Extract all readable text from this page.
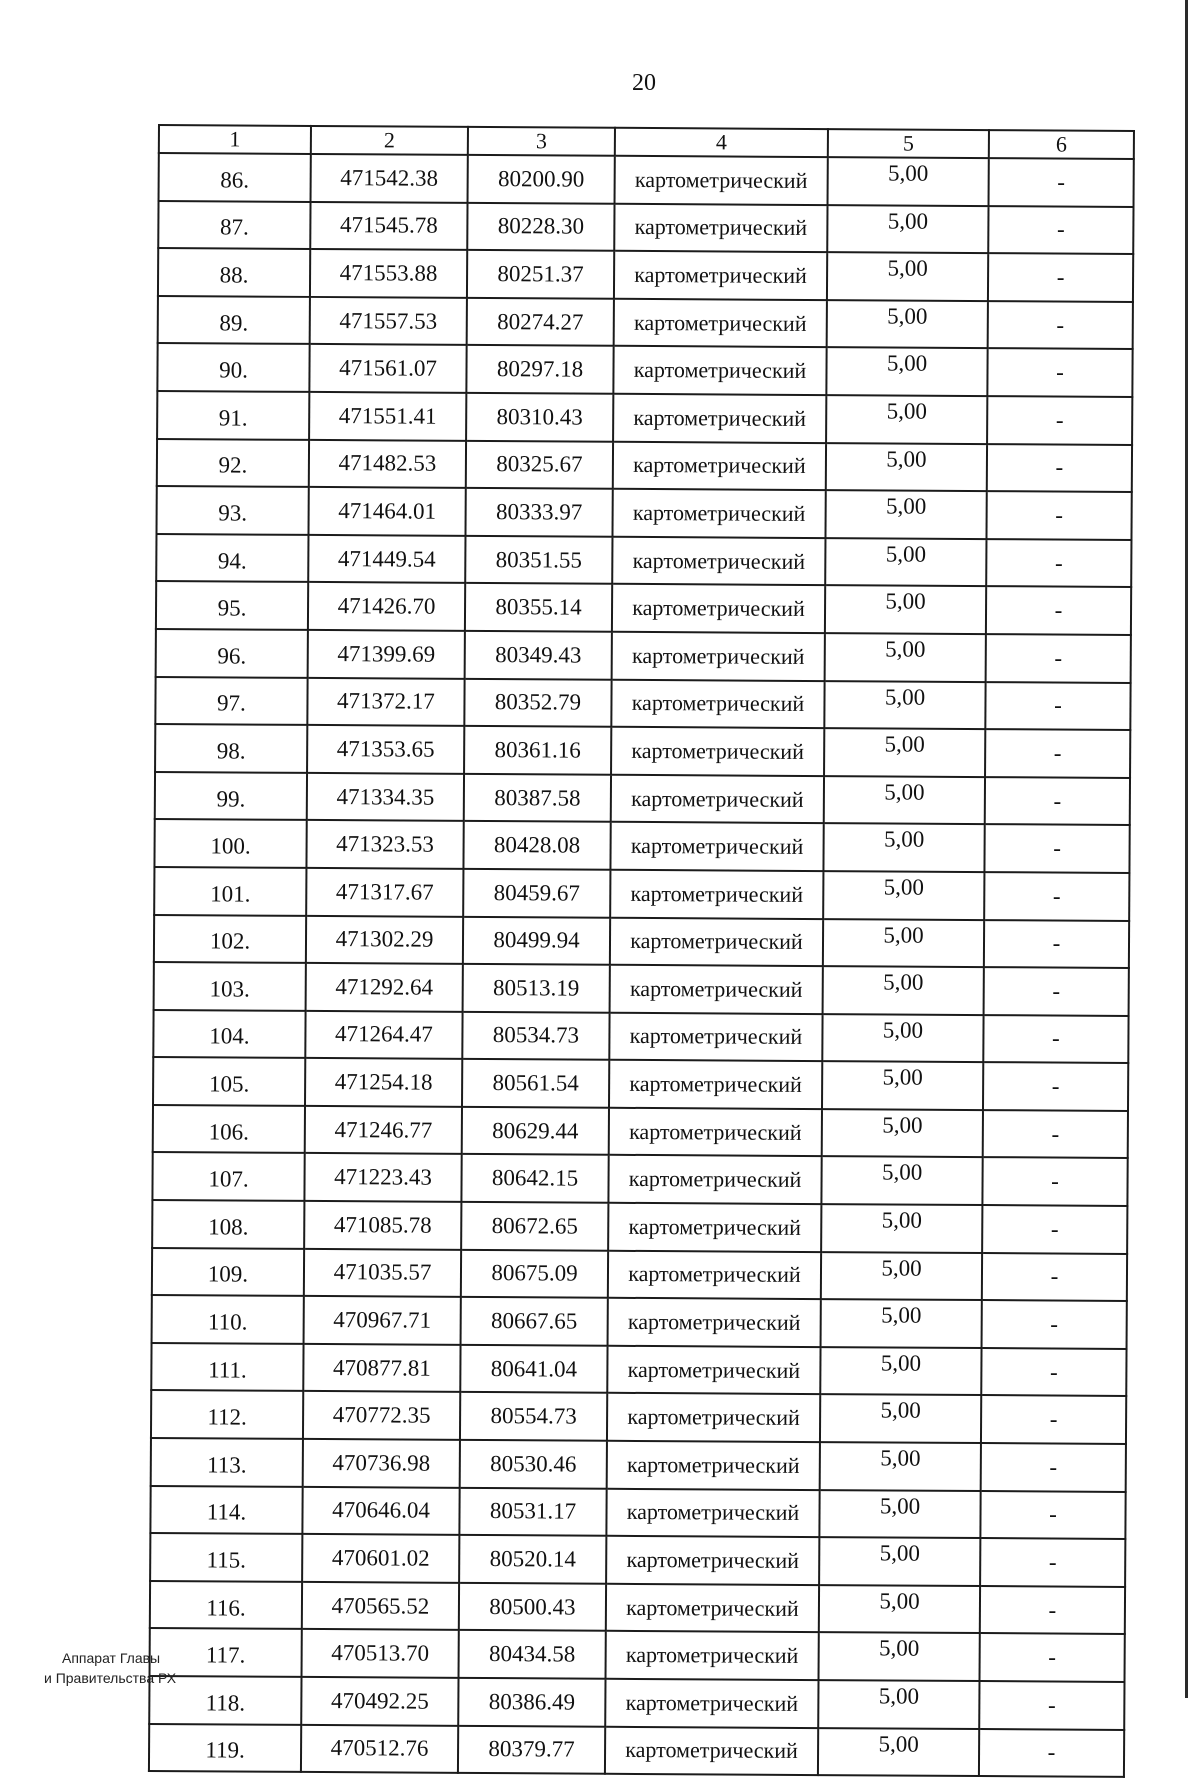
20
1	2	3	4	5	6
86.	471542.38	80200.90	картометрический	5,00	-
87.	471545.78	80228.30	картометрический	5,00	-
88.	471553.88	80251.37	картометрический	5,00	-
89.	471557.53	80274.27	картометрический	5,00	-
90.	471561.07	80297.18	картометрический	5,00	-
91.	471551.41	80310.43	картометрический	5,00	-
92.	471482.53	80325.67	картометрический	5,00	-
93.	471464.01	80333.97	картометрический	5,00	-
94.	471449.54	80351.55	картометрический	5,00	-
95.	471426.70	80355.14	картометрический	5,00	-
96.	471399.69	80349.43	картометрический	5,00	-
97.	471372.17	80352.79	картометрический	5,00	-
98.	471353.65	80361.16	картометрический	5,00	-
99.	471334.35	80387.58	картометрический	5,00	-
100.	471323.53	80428.08	картометрический	5,00	-
101.	471317.67	80459.67	картометрический	5,00	-
102.	471302.29	80499.94	картометрический	5,00	-
103.	471292.64	80513.19	картометрический	5,00	-
104.	471264.47	80534.73	картометрический	5,00	-
105.	471254.18	80561.54	картометрический	5,00	-
106.	471246.77	80629.44	картометрический	5,00	-
107.	471223.43	80642.15	картометрический	5,00	-
108.	471085.78	80672.65	картометрический	5,00	-
109.	471035.57	80675.09	картометрический	5,00	-
110.	470967.71	80667.65	картометрический	5,00	-
111.	470877.81	80641.04	картометрический	5,00	-
112.	470772.35	80554.73	картометрический	5,00	-
113.	470736.98	80530.46	картометрический	5,00	-
114.	470646.04	80531.17	картометрический	5,00	-
115.	470601.02	80520.14	картометрический	5,00	-
116.	470565.52	80500.43	картометрический	5,00	-
117.	470513.70	80434.58	картометрический	5,00	-
118.	470492.25	80386.49	картометрический	5,00	-
119.	470512.76	80379.77	картометрический	5,00	-
Аппарат Главы
и Правительства РХ
